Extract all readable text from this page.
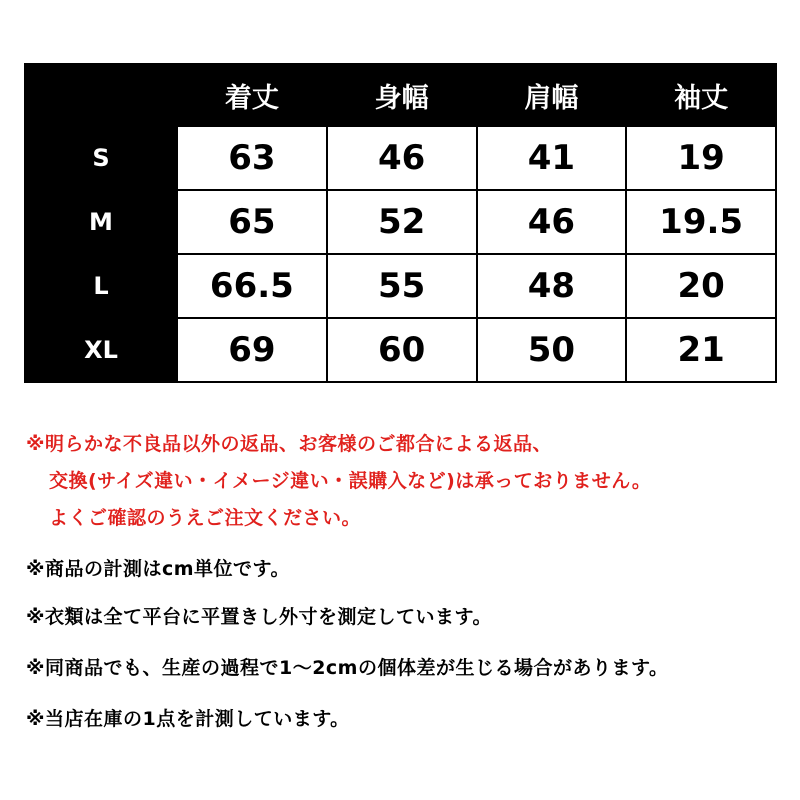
	着丈	身幅	肩幅	袖丈
S	63	46	41	19
M	65	52	46	19.5
L	66.5	55	48	20
XL	69	60	50	21
※明らかな不良品以外の返品、お客様のご都合による返品、
交換(サイズ違い・イメージ違い・誤購入など)は承っておりません。
よくご確認のうえご注文ください。
※商品の計測はcm単位です。
※衣類は全て平台に平置きし外寸を測定しています。
※同商品でも、生産の過程で1〜2cmの個体差が生じる場合があります。
※当店在庫の1点を計測しています。
